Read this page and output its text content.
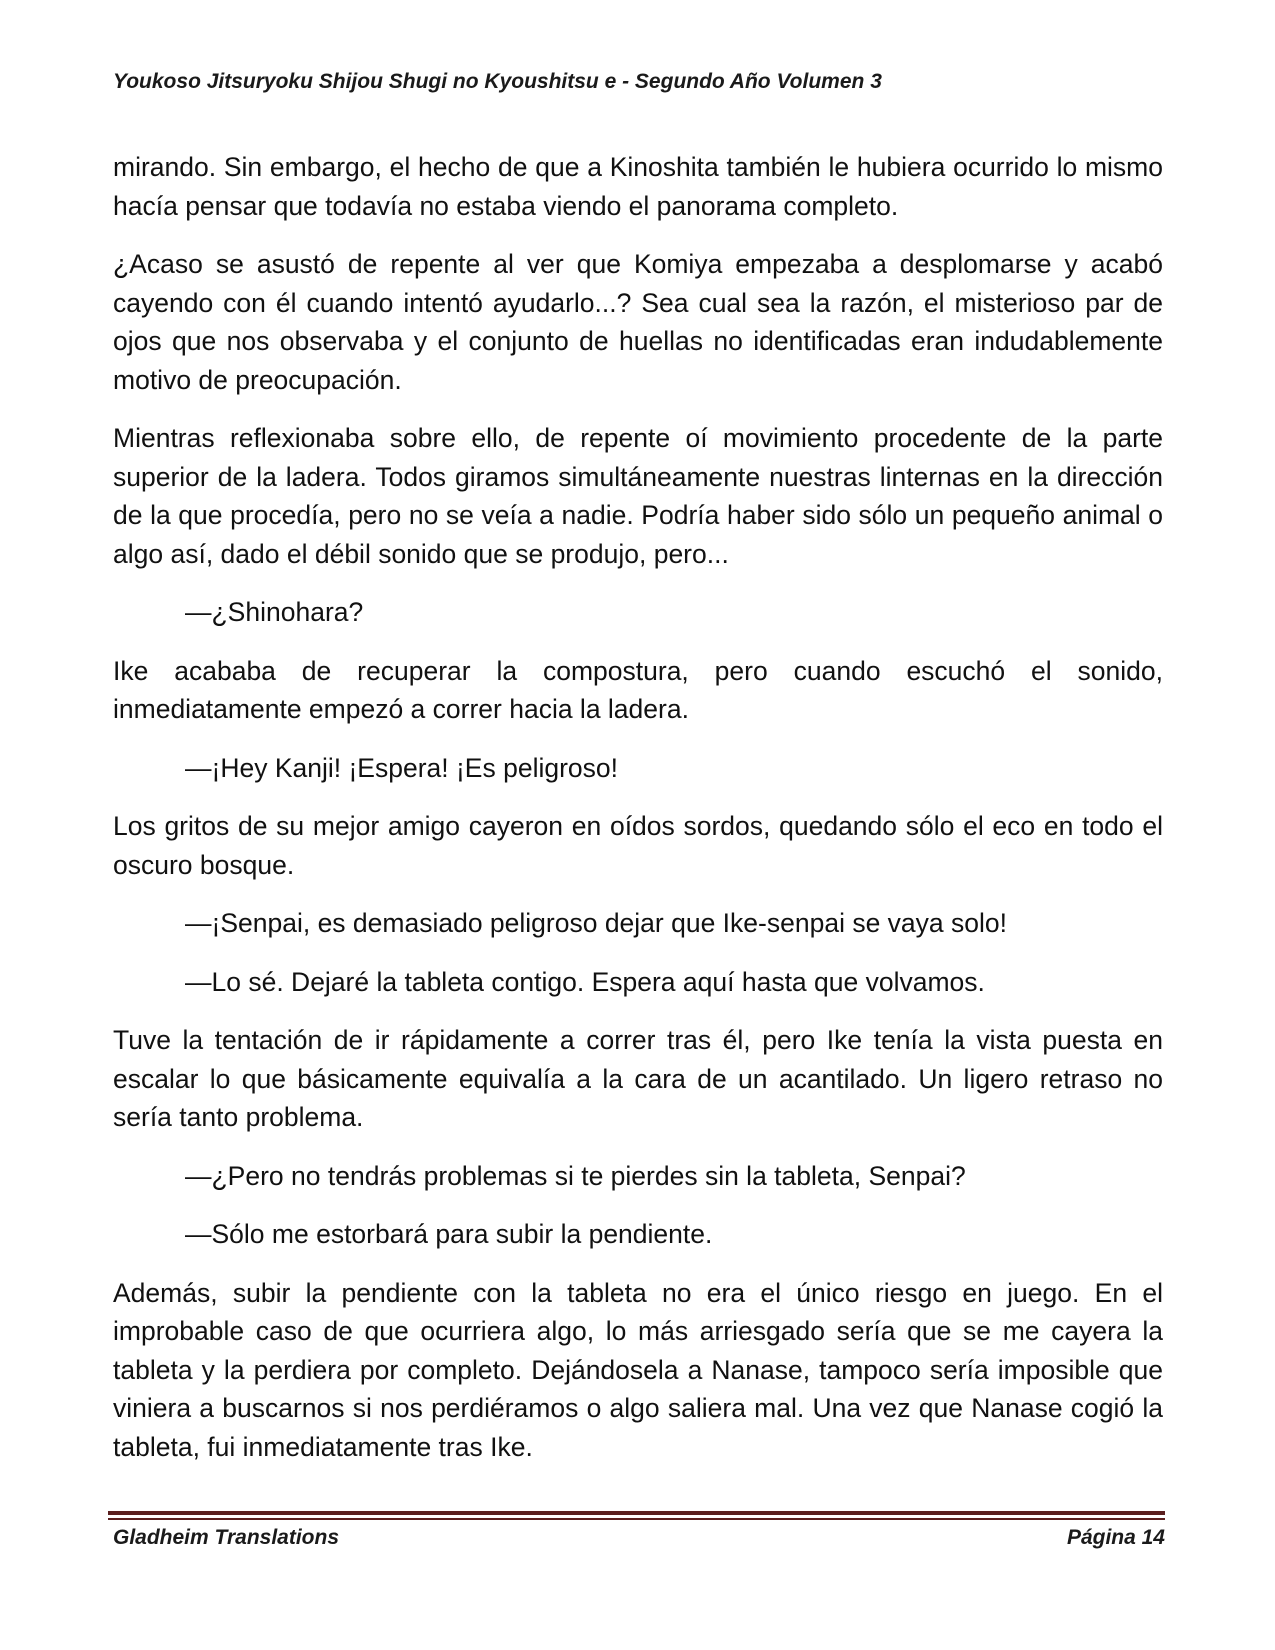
Youkoso Jitsuryoku Shijou Shugi no Kyoushitsu e - Segundo Año Volumen 3

mirando. Sin embargo, el hecho de que a Kinoshita también le hubiera ocurrido lo mismo hacía pensar que todavía no estaba viendo el panorama completo.

¿Acaso se asustó de repente al ver que Komiya empezaba a desplomarse y acabó cayendo con él cuando intentó ayudarlo...? Sea cual sea la razón, el misterioso par de ojos que nos observaba y el conjunto de huellas no identificadas eran indudablemente motivo de preocupación.

Mientras reflexionaba sobre ello, de repente oí movimiento procedente de la parte superior de la ladera. Todos giramos simultáneamente nuestras linternas en la dirección de la que procedía, pero no se veía a nadie. Podría haber sido sólo un pequeño animal o algo así, dado el débil sonido que se produjo, pero...

—¿Shinohara?

Ike acababa de recuperar la compostura, pero cuando escuchó el sonido, inmediatamente empezó a correr hacia la ladera.

—¡Hey Kanji! ¡Espera! ¡Es peligroso!

Los gritos de su mejor amigo cayeron en oídos sordos, quedando sólo el eco en todo el oscuro bosque.

—¡Senpai, es demasiado peligroso dejar que Ike-senpai se vaya solo!

—Lo sé. Dejaré la tableta contigo. Espera aquí hasta que volvamos.

Tuve la tentación de ir rápidamente a correr tras él, pero Ike tenía la vista puesta en escalar lo que básicamente equivalía a la cara de un acantilado. Un ligero retraso no sería tanto problema.

—¿Pero no tendrás problemas si te pierdes sin la tableta, Senpai?

—Sólo me estorbará para subir la pendiente.

Además, subir la pendiente con la tableta no era el único riesgo en juego. En el improbable caso de que ocurriera algo, lo más arriesgado sería que se me cayera la tableta y la perdiera por completo. Dejándosela a Nanase, tampoco sería imposible que viniera a buscarnos si nos perdiéramos o algo saliera mal. Una vez que Nanase cogió la tableta, fui inmediatamente tras Ike.

Gladheim Translations	Página 14
